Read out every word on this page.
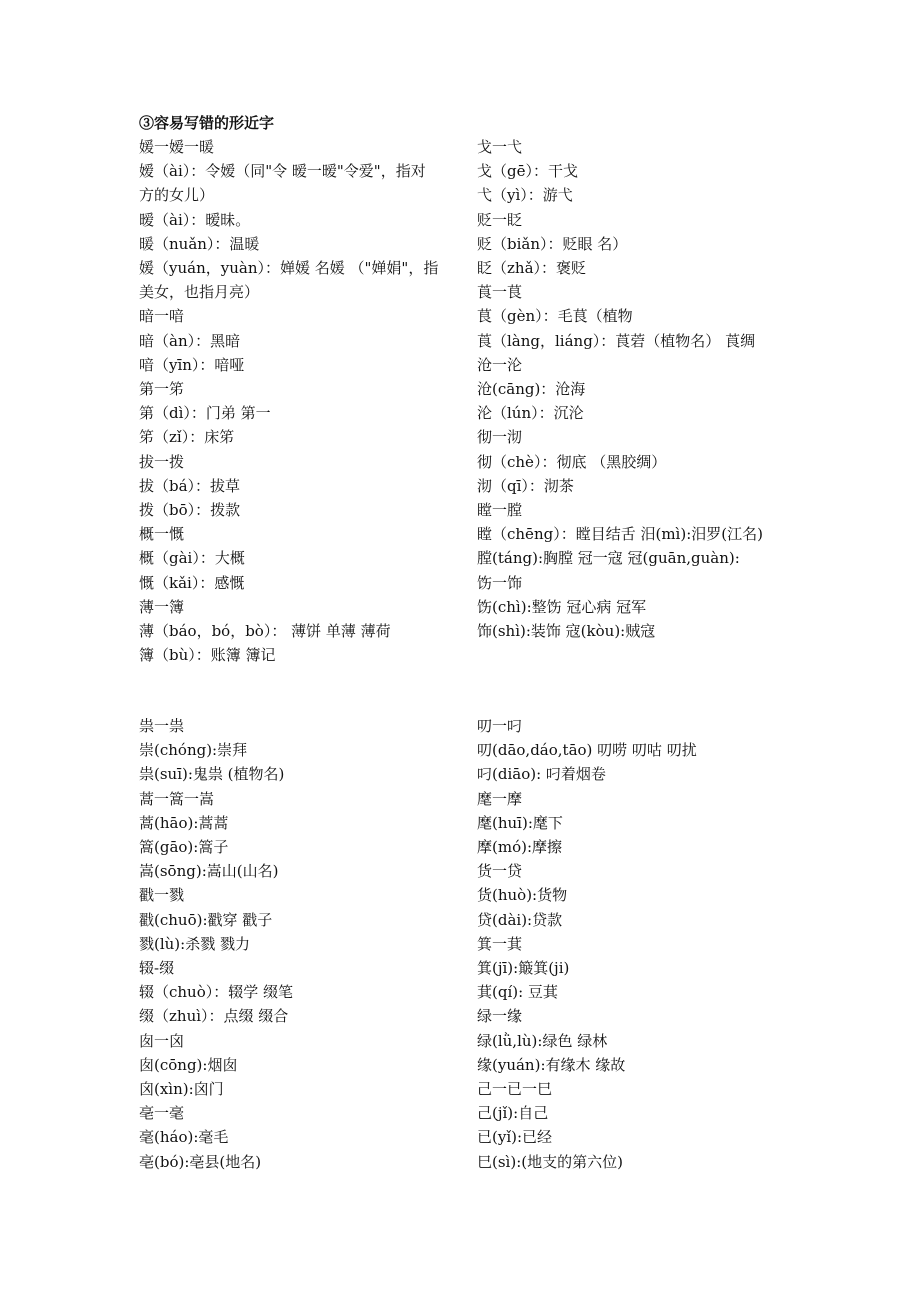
③容易写错的形近字
媛一嫒一暖
嫒（ài）：令嫒（同"令 暧一暧"令爱"，指对
方的女儿）
暧（ài）：暧昧。
暖（nuǎn）：温暖
媛（yuán，yuàn）：婵媛 名媛 （"婵娟"，指
美女，也指月亮）
暗一喑
暗（àn）：黑暗
喑（yīn）：喑哑
第一笫
第（dì）：门弟 第一
笫（zǐ）：床笫
拔一拨
拔（bá）：拔草
拨（bō）：拨款
概一慨
概（gài）：大概
慨（kǎi）：感慨
薄一簿
薄（báo，bó，bò）： 薄饼 单薄 薄荷
簿（bù）：账簿 簿记
戈一弋
戈（gē）：干戈
弋（yì）：游弋
贬一眨
贬（biǎn）：贬眼 名）
眨（zhǎ）：褒贬
莨一茛
茛（gèn）：毛茛（植物
莨（làng，liáng）：莨菪（植物名） 莨绸
沧一沦
沧(cāng)：沧海
沦（lún）：沉沦
彻一沏
彻（chè）：彻底 （黑胶绸）
沏（qī）：沏茶
瞠一膛
瞠（chēng）：瞠目结舌 汨(mì):汨罗(江名)
膛(táng):胸膛 冠一寇 冠(guān,guàn):
饬一饰
饬(chì):整饬 冠心病 冠军
饰(shì):装饰 寇(kòu):贼寇
祟一祟
崇(chóng):崇拜
祟(suī):鬼祟 (植物名)
蒿一篙一嵩
蒿(hāo):蒿蒿
篙(gāo):篙子
嵩(sōng):嵩山(山名)
戳一戮
戳(chuō):戳穿 戳子
戮(lù):杀戮 戮力
辍-缀
辍（chuò）：辍学 缀笔
缀（zhuì）：点缀 缀合
囱一囟
囱(cōng):烟囱
囟(xìn):囟门
亳一毫
毫(háo):毫毛
亳(bó):亳县(地名)
叨一叼
叨(dāo,dáo,tāo) 叨唠 叨咕 叨扰
叼(diāo): 叼着烟卷
麾一摩
麾(huī):麾下
摩(mó):摩擦
货一贷
货(huò):货物
贷(dài):贷款
箕一萁
箕(jī):簸箕(ji)
萁(qí): 豆萁
绿一缘
绿(lǜ,lù):绿色 绿林
缘(yuán):有缘木 缘故
己一已一巳
己(jǐ):自己
已(yǐ):已经
巳(sì):(地支的第六位)
